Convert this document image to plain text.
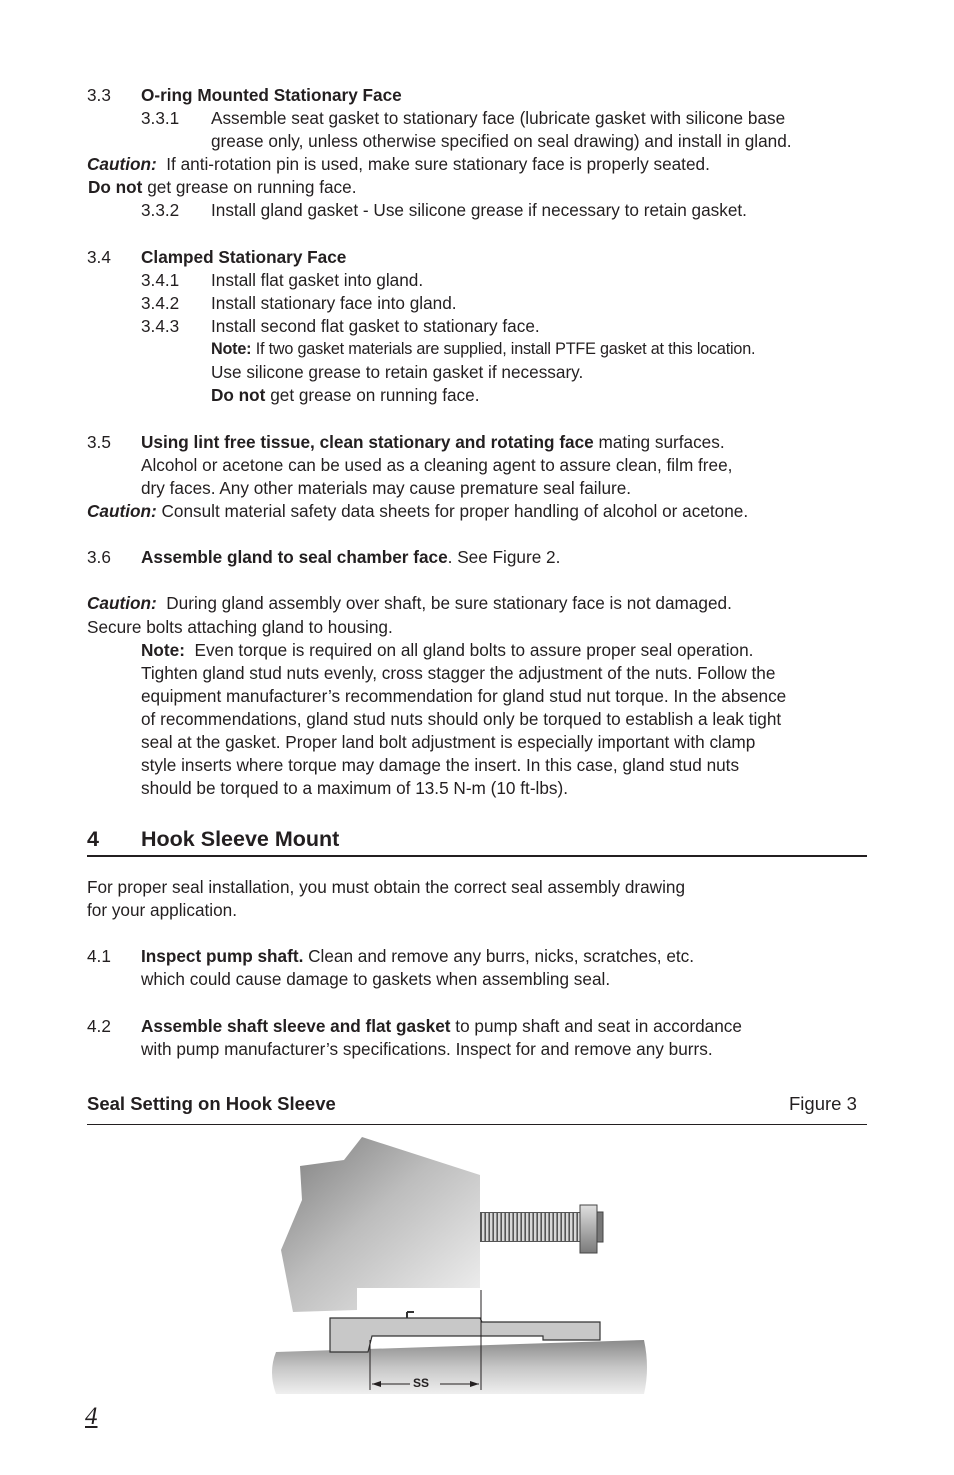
3.3 O-ring Mounted Stationary Face
3.3.1 Assemble seat gasket to stationary face (lubricate gasket with silicone base
grease only, unless otherwise specified on seal drawing) and install in gland.
Caution: If anti-rotation pin is used, make sure stationary face is properly seated.
Do not get grease on running face.
3.3.2 Install gland gasket - Use silicone grease if necessary to retain gasket.
3.4 Clamped Stationary Face
3.4.1 Install flat gasket into gland.
3.4.2 Install stationary face into gland.
3.4.3 Install second flat gasket to stationary face.
Note: If two gasket materials are supplied, install PTFE gasket at this location.
Use silicone grease to retain gasket if necessary.
Do not get grease on running face.
3.5 Using lint free tissue, clean stationary and rotating face mating surfaces.
Alcohol or acetone can be used as a cleaning agent to assure clean, film free,
dry faces. Any other materials may cause premature seal failure.
Caution: Consult material safety data sheets for proper handling of alcohol or acetone.
3.6 Assemble gland to seal chamber face. See Figure 2.
Caution: During gland assembly over shaft, be sure stationary face is not damaged.
Secure bolts attaching gland to housing.
Note: Even torque is required on all gland bolts to assure proper seal operation.
Tighten gland stud nuts evenly, cross stagger the adjustment of the nuts. Follow the
equipment manufacturer’s recommendation for gland stud nut torque. In the absence
of recommendations, gland stud nuts should only be torqued to establish a leak tight
seal at the gasket. Proper land bolt adjustment is especially important with clamp
style inserts where torque may damage the insert. In this case, gland stud nuts
should be torqued to a maximum of 13.5 N-m (10 ft-lbs).
4 Hook Sleeve Mount
For proper seal installation, you must obtain the correct seal assembly drawing
for your application.
4.1 Inspect pump shaft. Clean and remove any burrs, nicks, scratches, etc.
which could cause damage to gaskets when assembling seal.
4.2 Assemble shaft sleeve and flat gasket to pump shaft and seat in accordance
with pump manufacturer’s specifications. Inspect for and remove any burrs.
Seal Setting on Hook Sleeve	Figure 3
SS
4
